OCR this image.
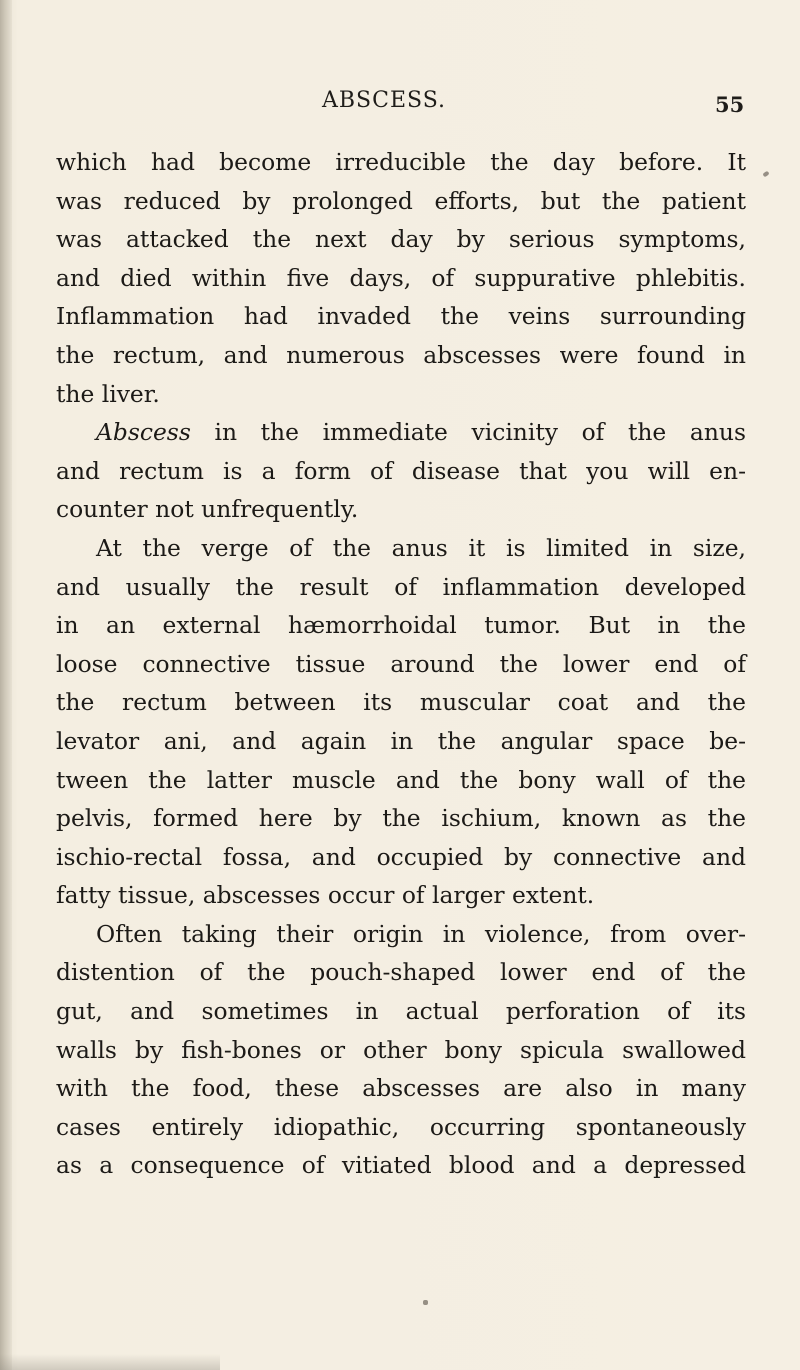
ABSCESS.	55

which had become irreducible the day before. It

was reduced by prolonged efforts, but the patient

was attacked the next day by serious symptoms,

and died within five days, of suppurative phlebitis.

Inflammation had invaded the veins surrounding

the rectum, and numerous abscesses were found in

the liver.

Abscess in the immediate vicinity of the anus

and rectum is a form of disease that you will en-

counter not unfrequently.

At the verge of the anus it is limited in size,

and usually the result of inflammation developed

in an external hæmorrhoidal tumor. But in the

loose connective tissue around the lower end of

the rectum between its muscular coat and the

levator ani, and again in the angular space be-

tween the latter muscle and the bony wall of the

pelvis, formed here by the ischium, known as the

ischio-rectal fossa, and occupied by connective and

fatty tissue, abscesses occur of larger extent.

Often taking their origin in violence, from over-

distention of the pouch-shaped lower end of the

gut, and sometimes in actual perforation of its

walls by fish-bones or other bony spicula swallowed

with the food, these abscesses are also in many

cases entirely idiopathic, occurring spontaneously

as a consequence of vitiated blood and a depressed
